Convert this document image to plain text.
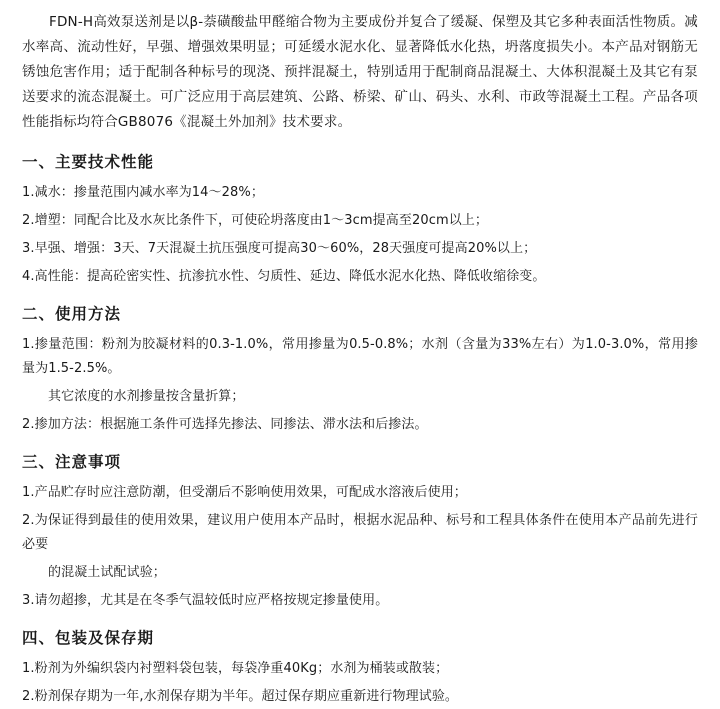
FDN-H高效泵送剂是以β-萘磺酸盐甲醛缩合物为主要成份并复合了缓凝、保塑及其它多种表面活性物质。减水率高、流动性好，早强、增强效果明显；可延缓水泥水化、显著降低水化热，坍落度损失小。本产品对钢筋无锈蚀危害作用；适于配制各种标号的现浇、预拌混凝土，特别适用于配制商品混凝土、大体积混凝土及其它有泵送要求的流态混凝土。可广泛应用于高层建筑、公路、桥梁、矿山、码头、水利、市政等混凝土工程。产品各项性能指标均符合GB8076《混凝土外加剂》技术要求。

一、主要技术性能

1.减水：掺量范围内减水率为14～28%；

2.增塑：同配合比及水灰比条件下，可使砼坍落度由1～3cm提高至20cm以上；

3.早强、增强：3天、7天混凝土抗压强度可提高30～60%，28天强度可提高20%以上；

4.高性能：提高砼密实性、抗渗抗水性、匀质性、延边、降低水泥水化热、降低收缩徐变。

二、使用方法

1.掺量范围：粉剂为胶凝材料的0.3-1.0%，常用掺量为0.5-0.8%；水剂（含量为33%左右）为1.0-3.0%，常用掺量为1.5-2.5%。

其它浓度的水剂掺量按含量折算；

2.掺加方法：根据施工条件可选择先掺法、同掺法、滞水法和后掺法。

三、注意事项

1.产品贮存时应注意防潮，但受潮后不影响使用效果，可配成水溶液后使用；

2.为保证得到最佳的使用效果，建议用户使用本产品时，根据水泥品种、标号和工程具体条件在使用本产品前先进行必要

的混凝土试配试验；

3.请勿超掺，尤其是在冬季气温较低时应严格按规定掺量使用。

四、包装及保存期

1.粉剂为外编织袋内衬塑料袋包装，每袋净重40Kg；水剂为桶装或散装；

2.粉剂保存期为一年,水剂保存期为半年。超过保存期应重新进行物理试验。
